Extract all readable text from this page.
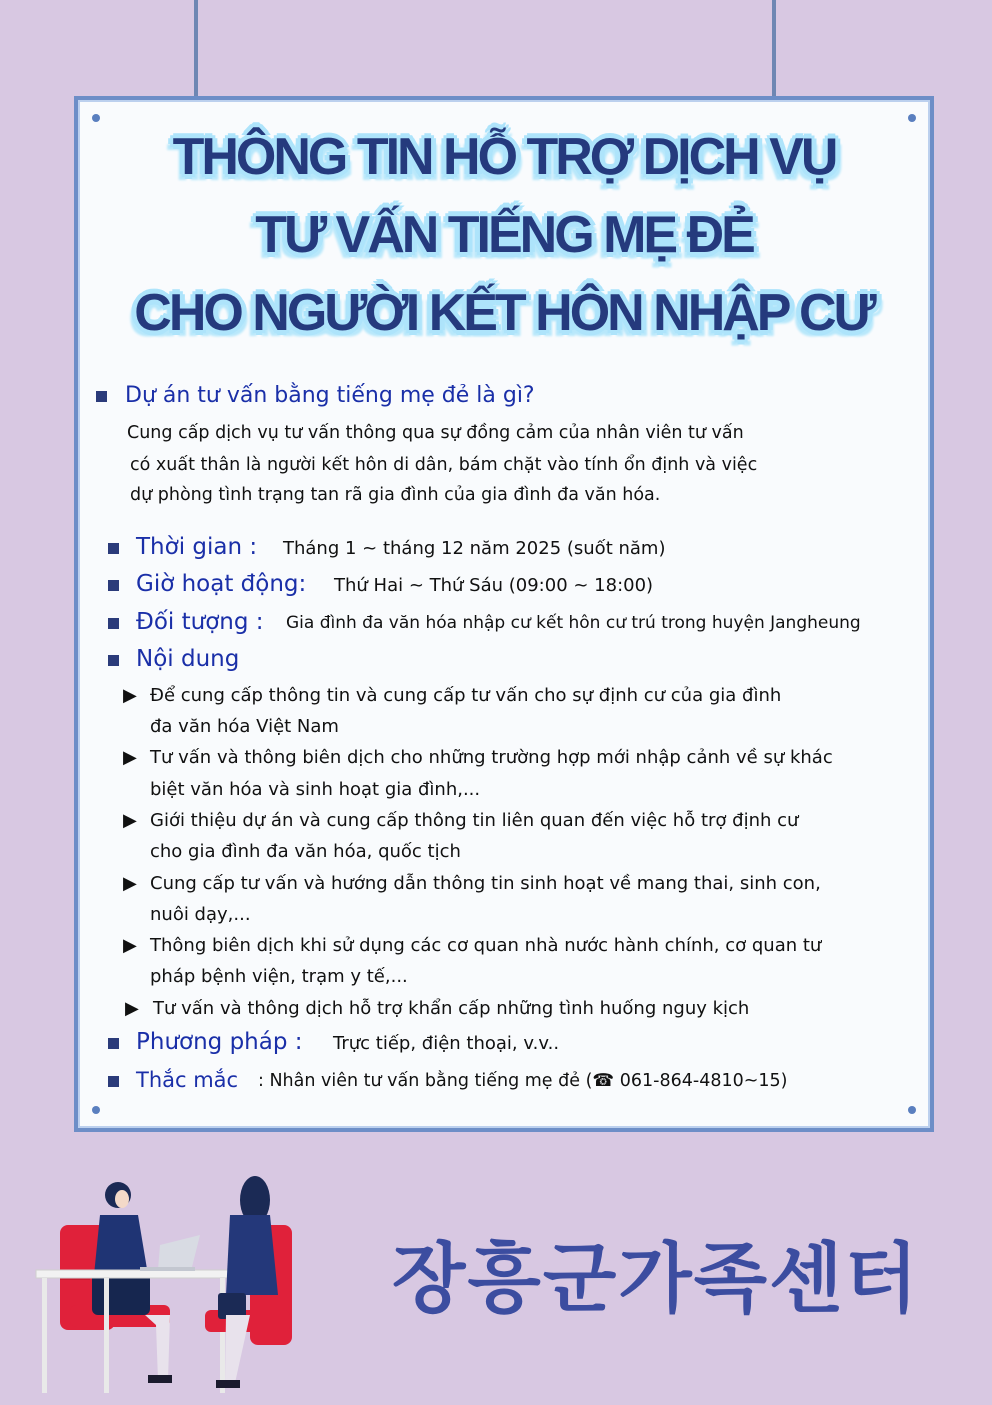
THÔNG TIN HỖ TRỢ DỊCH VỤ
TƯ VẤN TIẾNG MẸ ĐẺ
CHO NGƯỜI KẾT HÔN NHẬP CƯ
Dự án tư vấn bằng tiếng mẹ đẻ là gì?
Cung cấp dịch vụ tư vấn thông qua sự đồng cảm của nhân viên tư vấn
có xuất thân là người kết hôn di dân, bám chặt vào tính ổn định và việc
dự phòng tình trạng tan rã gia đình của gia đình đa văn hóa.
Thời gian : Tháng 1 ~ tháng 12 năm 2025 (suốt năm)
Giờ hoạt động: Thứ Hai ~ Thứ Sáu (09:00 ~ 18:00)
Đối tượng : Gia đình đa văn hóa nhập cư kết hôn cư trú trong huyện Jangheung
Nội dung
▶ Để cung cấp thông tin và cung cấp tư vấn cho sự định cư của gia đình
đa văn hóa Việt Nam
▶ Tư vấn và thông biên dịch cho những trường hợp mới nhập cảnh về sự khác
biệt văn hóa và sinh hoạt gia đình,...
▶ Giới thiệu dự án và cung cấp thông tin liên quan đến việc hỗ trợ định cư
cho gia đình đa văn hóa, quốc tịch
▶ Cung cấp tư vấn và hướng dẫn thông tin sinh hoạt về mang thai, sinh con,
nuôi dạy,...
▶ Thông biên dịch khi sử dụng các cơ quan nhà nước hành chính, cơ quan tư
pháp bệnh viện, trạm y tế,...
▶ Tư vấn và thông dịch hỗ trợ khẩn cấp những tình huống nguy kịch
Phương pháp : Trực tiếp, điện thoại, v.v..
Thắc mắc : Nhân viên tư vấn bằng tiếng mẹ đẻ (☎ 061-864-4810~15)
장흥군가족센터
